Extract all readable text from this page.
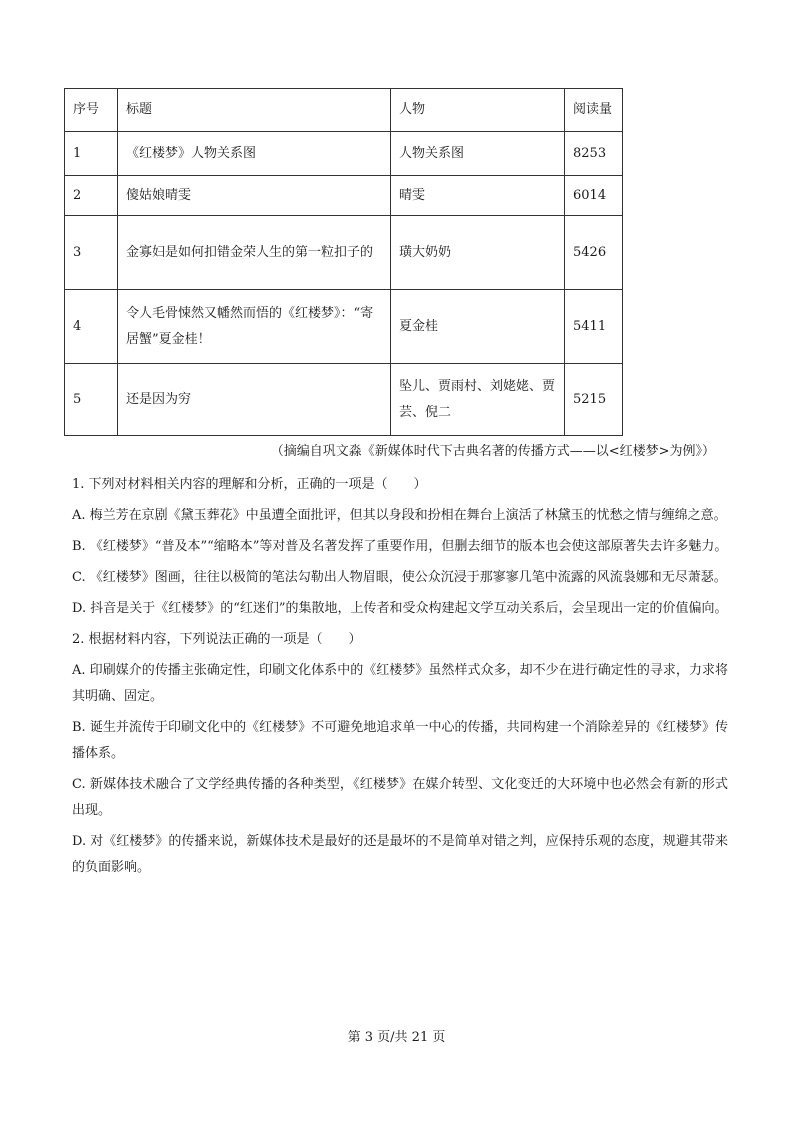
序号	标题	人物	阅读量
1	《红楼梦》人物关系图	人物关系图	8253
2	傻姑娘晴雯	晴雯	6014
3	金寡妇是如何扣错金荣人生的第一粒扣子的	璜大奶奶	5426
4	令人毛骨悚然又幡然而悟的《红楼梦》：“寄居蟹”夏金桂！	夏金桂	5411
5	还是因为穷	坠儿、贾雨村、刘姥姥、贾芸、倪二	5215
（摘编自巩文淼《新媒体时代下古典名著的传播方式——以<红楼梦>为例》）

1. 下列对材料相关内容的理解和分析，正确的一项是（　　）

A. 梅兰芳在京剧《黛玉葬花》中虽遭全面批评，但其以身段和扮相在舞台上演活了林黛玉的忧愁之情与缠绵之意。

B. 《红楼梦》“普及本”“缩略本”等对普及名著发挥了重要作用，但删去细节的版本也会使这部原著失去许多魅力。

C. 《红楼梦》图画，往往以极简的笔法勾勒出人物眉眼，使公众沉浸于那寥寥几笔中流露的风流袅娜和无尽萧瑟。

D. 抖音是关于《红楼梦》的“红迷们”的集散地，上传者和受众构建起文学互动关系后，会呈现出一定的价值偏向。

2. 根据材料内容，下列说法正确的一项是（　　）

A. 印刷媒介的传播主张确定性，印刷文化体系中的《红楼梦》虽然样式众多，却不少在进行确定性的寻求，力求将其明确、固定。

B. 诞生并流传于印刷文化中的《红楼梦》不可避免地追求单一中心的传播，共同构建一个消除差异的《红楼梦》传播体系。

C. 新媒体技术融合了文学经典传播的各种类型，《红楼梦》在媒介转型、文化变迁的大环境中也必然会有新的形式出现。

D. 对《红楼梦》的传播来说，新媒体技术是最好的还是最坏的不是简单对错之判，应保持乐观的态度，规避其带来的负面影响。

第 3 页/共 21 页
